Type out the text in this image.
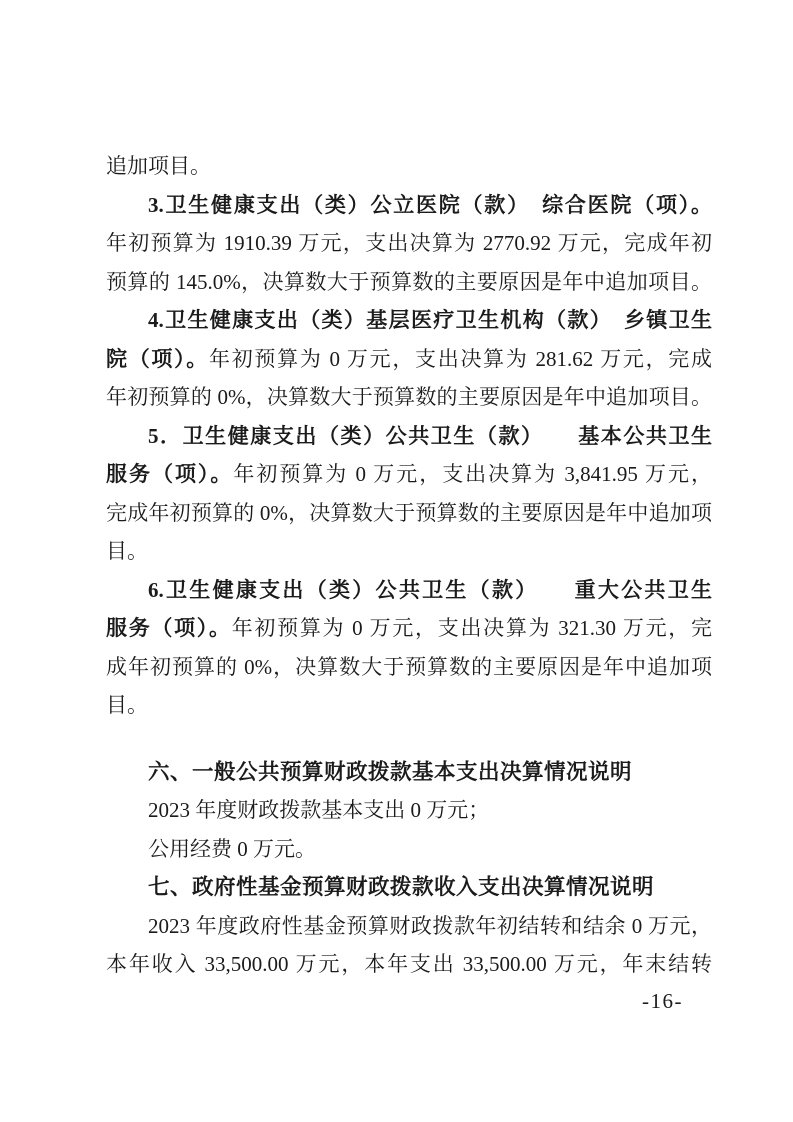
追加项目。
3.卫生健康支出（类）公立医院（款）　综合医院（项）。
年初预算为 1910.39 万元，支出决算为 2770.92 万元，完成年初
预算的 145.0%，决算数大于预算数的主要原因是年中追加项目。
4.卫生健康支出（类）基层医疗卫生机构（款）　乡镇卫生
院（项）。年初预算为 0 万元，支出决算为 281.62 万元，完成
年初预算的 0%，决算数大于预算数的主要原因是年中追加项目。
5．卫生健康支出（类）公共卫生（款）　　基本公共卫生
服务（项）。年初预算为 0 万元，支出决算为 3,841.95 万元，
完成年初预算的 0%，决算数大于预算数的主要原因是年中追加项
目。
6.卫生健康支出（类）公共卫生（款）　　重大公共卫生
服务（项）。年初预算为 0 万元，支出决算为 321.30 万元，完
成年初预算的 0%，决算数大于预算数的主要原因是年中追加项
目。
六、一般公共预算财政拨款基本支出决算情况说明
2023 年度财政拨款基本支出 0 万元；
公用经费 0 万元。
七、政府性基金预算财政拨款收入支出决算情况说明
2023 年度政府性基金预算财政拨款年初结转和结余 0 万元，
本年收入 33,500.00 万元，本年支出 33,500.00 万元，年末结转
-16-
